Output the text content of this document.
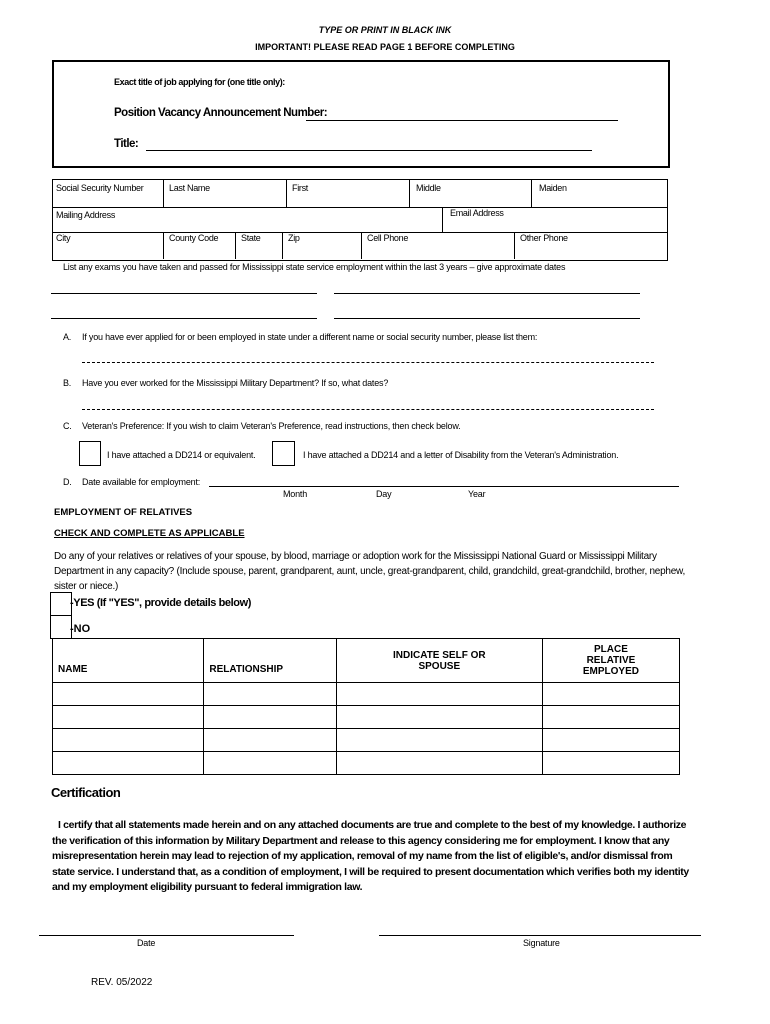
TYPE OR PRINT IN BLACK INK
IMPORTANT! PLEASE READ PAGE 1 BEFORE COMPLETING
Exact title of job applying for (one title only):
Position Vacancy Announcement Number:
Title:
Social Security Number	Last Name	First	Middle	Maiden
Mailing Address	Email Address
City	County Code	State	Zip	Cell Phone	Other Phone
List any exams you have taken and passed for Mississippi state service employment within the last 3 years – give approximate dates
A. If you have ever applied for or been employed in state under a different name or social security number, please list them:
B. Have you ever worked for the Mississippi Military Department? If so, what dates?
C. Veteran's Preference: If you wish to claim Veteran's Preference, read instructions, then check below.
I have attached a DD214 or equivalent.	I have attached a DD214 and a letter of Disability from the Veteran's Administration.
D. Date available for employment:
Month	Day	Year
EMPLOYMENT OF RELATIVES
CHECK AND COMPLETE AS APPLICABLE
Do any of your relatives or relatives of your spouse, by blood, marriage or adoption work for the Mississippi National Guard or Mississippi Military Department in any capacity? (Include spouse, parent, grandparent, aunt, uncle, great-grandparent, child, grandchild, great-grandchild, brother, nephew, sister or niece.)
-YES (If "YES", provide details below)
-NO
NAME	RELATIONSHIP	INDICATE SELF OR SPOUSE	PLACE RELATIVE EMPLOYED

Certification
I certify that all statements made herein and on any attached documents are true and complete to the best of my knowledge. I authorize the verification of this information by Military Department and release to this agency considering me for employment. I know that any misrepresentation herein may lead to rejection of my application, removal of my name from the list of eligible's, and/or dismissal from state service. I understand that, as a condition of employment, I will be required to present documentation which verifies both my identity and my employment eligibility pursuant to federal immigration law.
Date	Signature
REV. 05/2022
